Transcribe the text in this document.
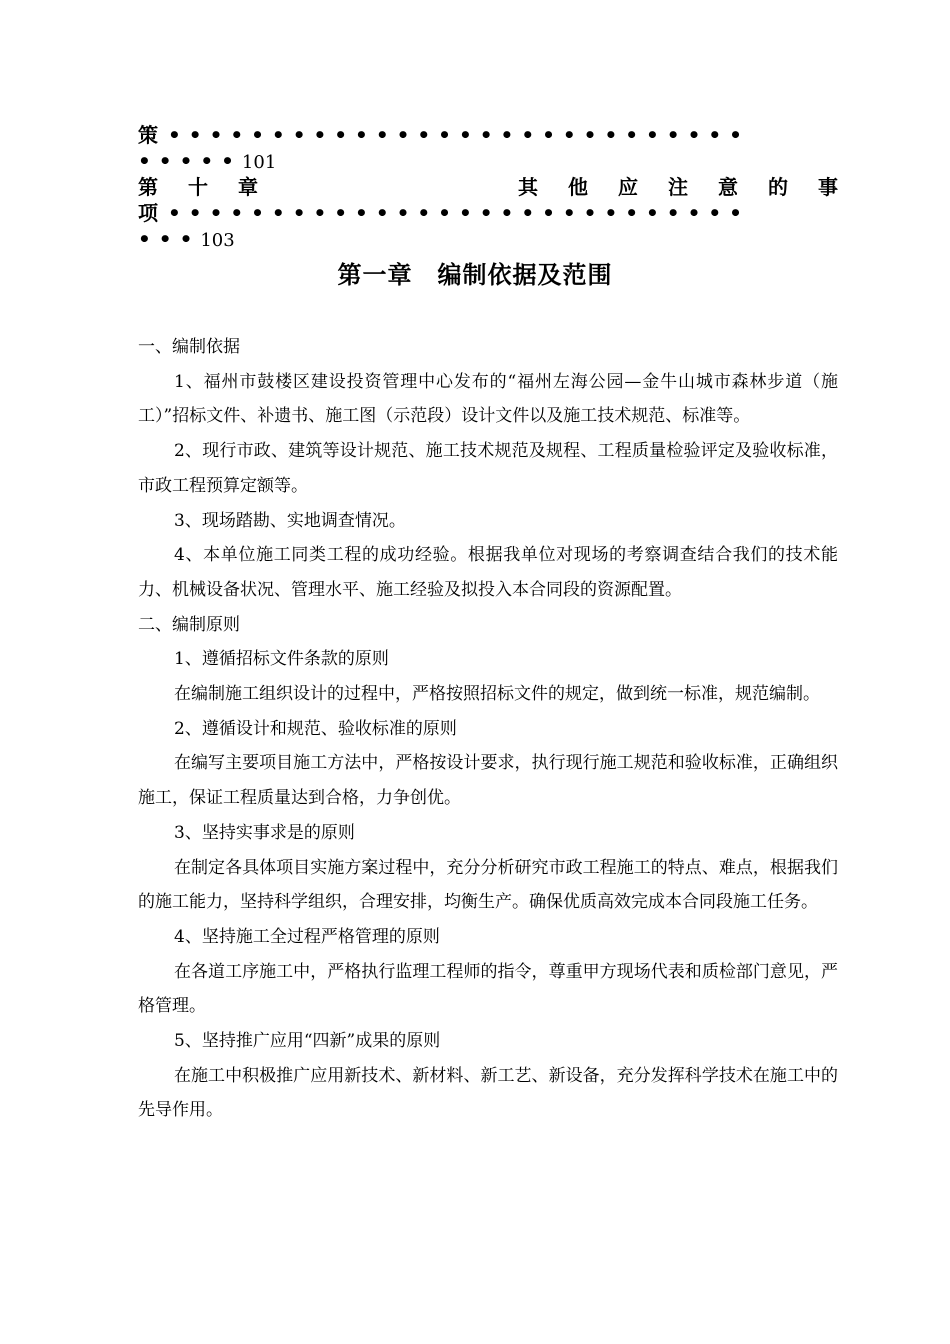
策 ••••••••••••••••••••••••••••
••••• 101
第 十 章	其 他 应 注 意 的 事
项 ••••••••••••••••••••••••••••
••• 103
第一章　编制依据及范围

一、编制依据

1、福州市鼓楼区建设投资管理中心发布的“福州左海公园—金牛山城市森林步道（施工）”招标文件、补遗书、施工图（示范段）设计文件以及施工技术规范、标准等。

2、现行市政、建筑等设计规范、施工技术规范及规程、工程质量检验评定及验收标准，市政工程预算定额等。

3、现场踏勘、实地调查情况。

4、本单位施工同类工程的成功经验。根据我单位对现场的考察调查结合我们的技术能力、机械设备状况、管理水平、施工经验及拟投入本合同段的资源配置。

二、编制原则

1、遵循招标文件条款的原则

在编制施工组织设计的过程中，严格按照招标文件的规定，做到统一标准，规范编制。

2、遵循设计和规范、验收标准的原则

在编写主要项目施工方法中，严格按设计要求，执行现行施工规范和验收标准，正确组织施工，保证工程质量达到合格，力争创优。

3、坚持实事求是的原则

在制定各具体项目实施方案过程中，充分分析研究市政工程施工的特点、难点，根据我们的施工能力，坚持科学组织，合理安排，均衡生产。确保优质高效完成本合同段施工任务。

4、坚持施工全过程严格管理的原则

在各道工序施工中，严格执行监理工程师的指令，尊重甲方现场代表和质检部门意见，严格管理。

5、坚持推广应用“四新”成果的原则

在施工中积极推广应用新技术、新材料、新工艺、新设备，充分发挥科学技术在施工中的先导作用。
